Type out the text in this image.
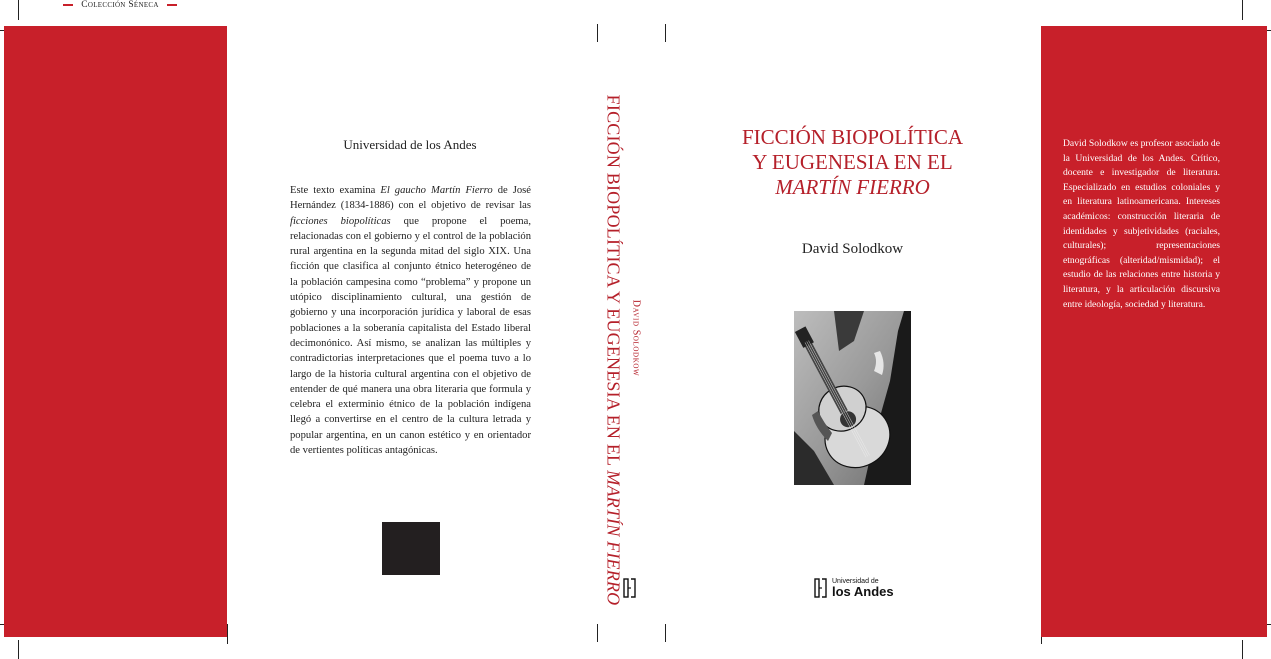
Universidad de los Andes
Colección Séneca
Este texto examina El gaucho Martín Fierro de José Hernández (1834-1886) con el objetivo de revisar las ficciones biopolíticas que propone el poema, relacionadas con el gobierno y el control de la población rural argentina en la segunda mitad del siglo XIX. Una ficción que clasifica al conjunto étnico heterogéneo de la población campesina como “problema” y propone un utópico disciplinamiento cultural, una gestión de gobierno y una incorporación jurídica y laboral de esas poblaciones a la soberanía capitalista del Estado liberal decimonónico. Así mismo, se analizan las múltiples y contradictorias interpretaciones que el poema tuvo a lo largo de la historia cultural argentina con el objetivo de entender de qué manera una obra literaria que formula y celebra el exterminio étnico de la población indígena llegó a convertirse en el centro de la cultura letrada y popular argentina, en un canon estético y en orientador de vertientes políticas antagónicas.	FICCIÓN BIOPOLÍTICA Y EUGENESIA EN EL MARTÍN FIERRO
David Solodkow
FICCIÓN BIOPOLÍTICA
Y EUGENESIA EN EL
MARTÍN FIERRO
David Solodkow
Universidad de
los Andes
David Solodkow es profesor asociado de la Universidad de los Andes. Crítico, docente e investigador de literatura. Especializado en estudios coloniales y en literatura latinoamericana. Intereses académicos: construcción literaria de identidades y subjetividades (raciales, culturales); representaciones etnográficas (alteridad/mismidad); el estudio de las relaciones entre historia y literatura, y la articulación discursiva entre ideología, sociedad y literatura.
